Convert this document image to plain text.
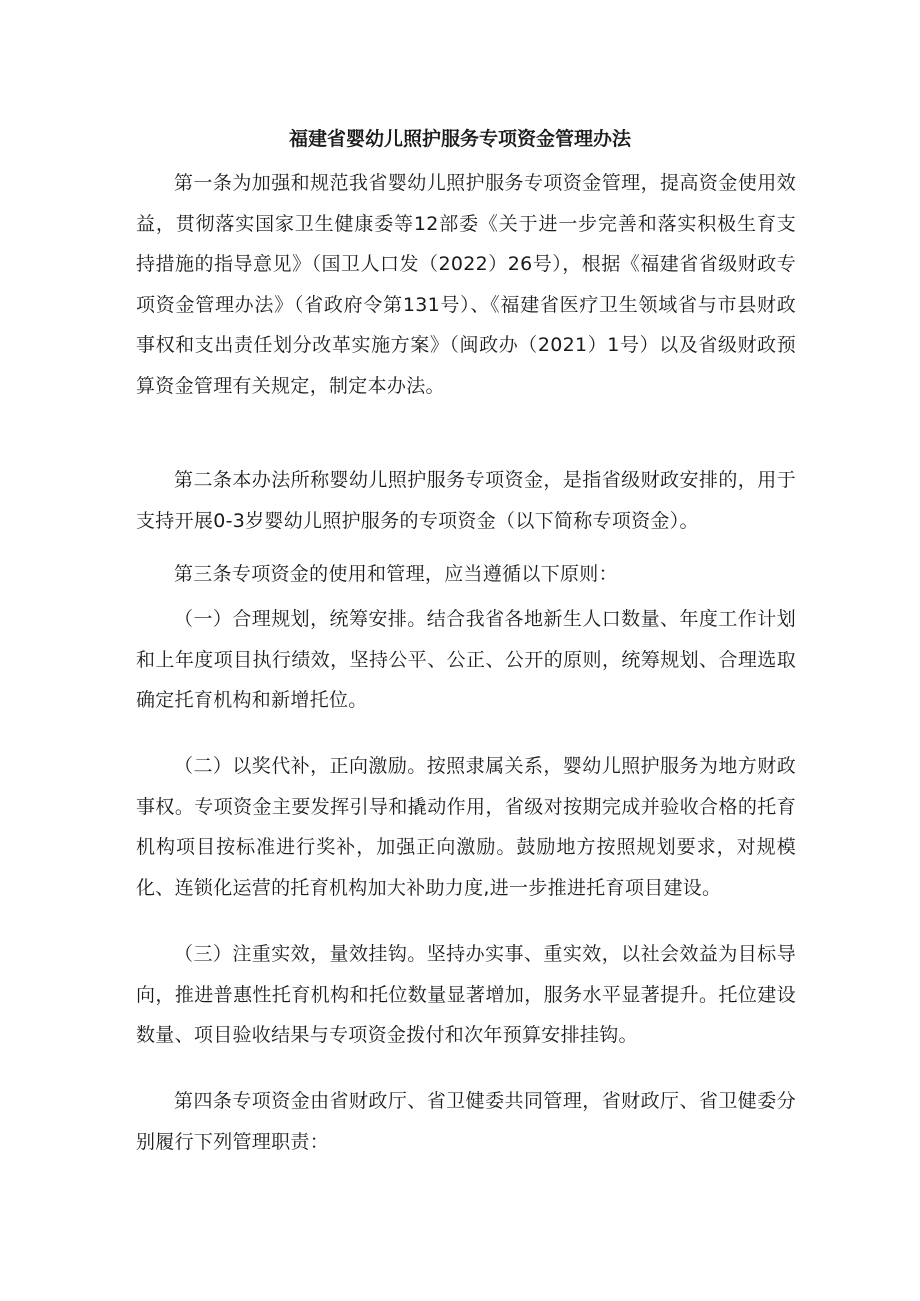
福建省婴幼儿照护服务专项资金管理办法

第一条为加强和规范我省婴幼儿照护服务专项资金管理，提高资金使用效益，贯彻落实国家卫生健康委等12部委《关于进一步完善和落实积极生育支持措施的指导意见》（国卫人口发（2022）26号），根据《福建省省级财政专项资金管理办法》（省政府令第131号）、《福建省医疗卫生领域省与市县财政事权和支出责任划分改革实施方案》（闽政办（2021）1号）以及省级财政预算资金管理有关规定，制定本办法。

第二条本办法所称婴幼儿照护服务专项资金，是指省级财政安排的，用于支持开展0-3岁婴幼儿照护服务的专项资金（以下简称专项资金）。

第三条专项资金的使用和管理，应当遵循以下原则：

（一）合理规划，统筹安排。结合我省各地新生人口数量、年度工作计划和上年度项目执行绩效，坚持公平、公正、公开的原则，统筹规划、合理选取确定托育机构和新增托位。

（二）以奖代补，正向激励。按照隶属关系，婴幼儿照护服务为地方财政事权。专项资金主要发挥引导和撬动作用，省级对按期完成并验收合格的托育机构项目按标准进行奖补，加强正向激励。鼓励地方按照规划要求，对规模化、连锁化运营的托育机构加大补助力度,进一步推进托育项目建设。

（三）注重实效，量效挂钩。坚持办实事、重实效，以社会效益为目标导向，推进普惠性托育机构和托位数量显著增加，服务水平显著提升。托位建设数量、项目验收结果与专项资金拨付和次年预算安排挂钩。

第四条专项资金由省财政厅、省卫健委共同管理，省财政厅、省卫健委分别履行下列管理职责：
